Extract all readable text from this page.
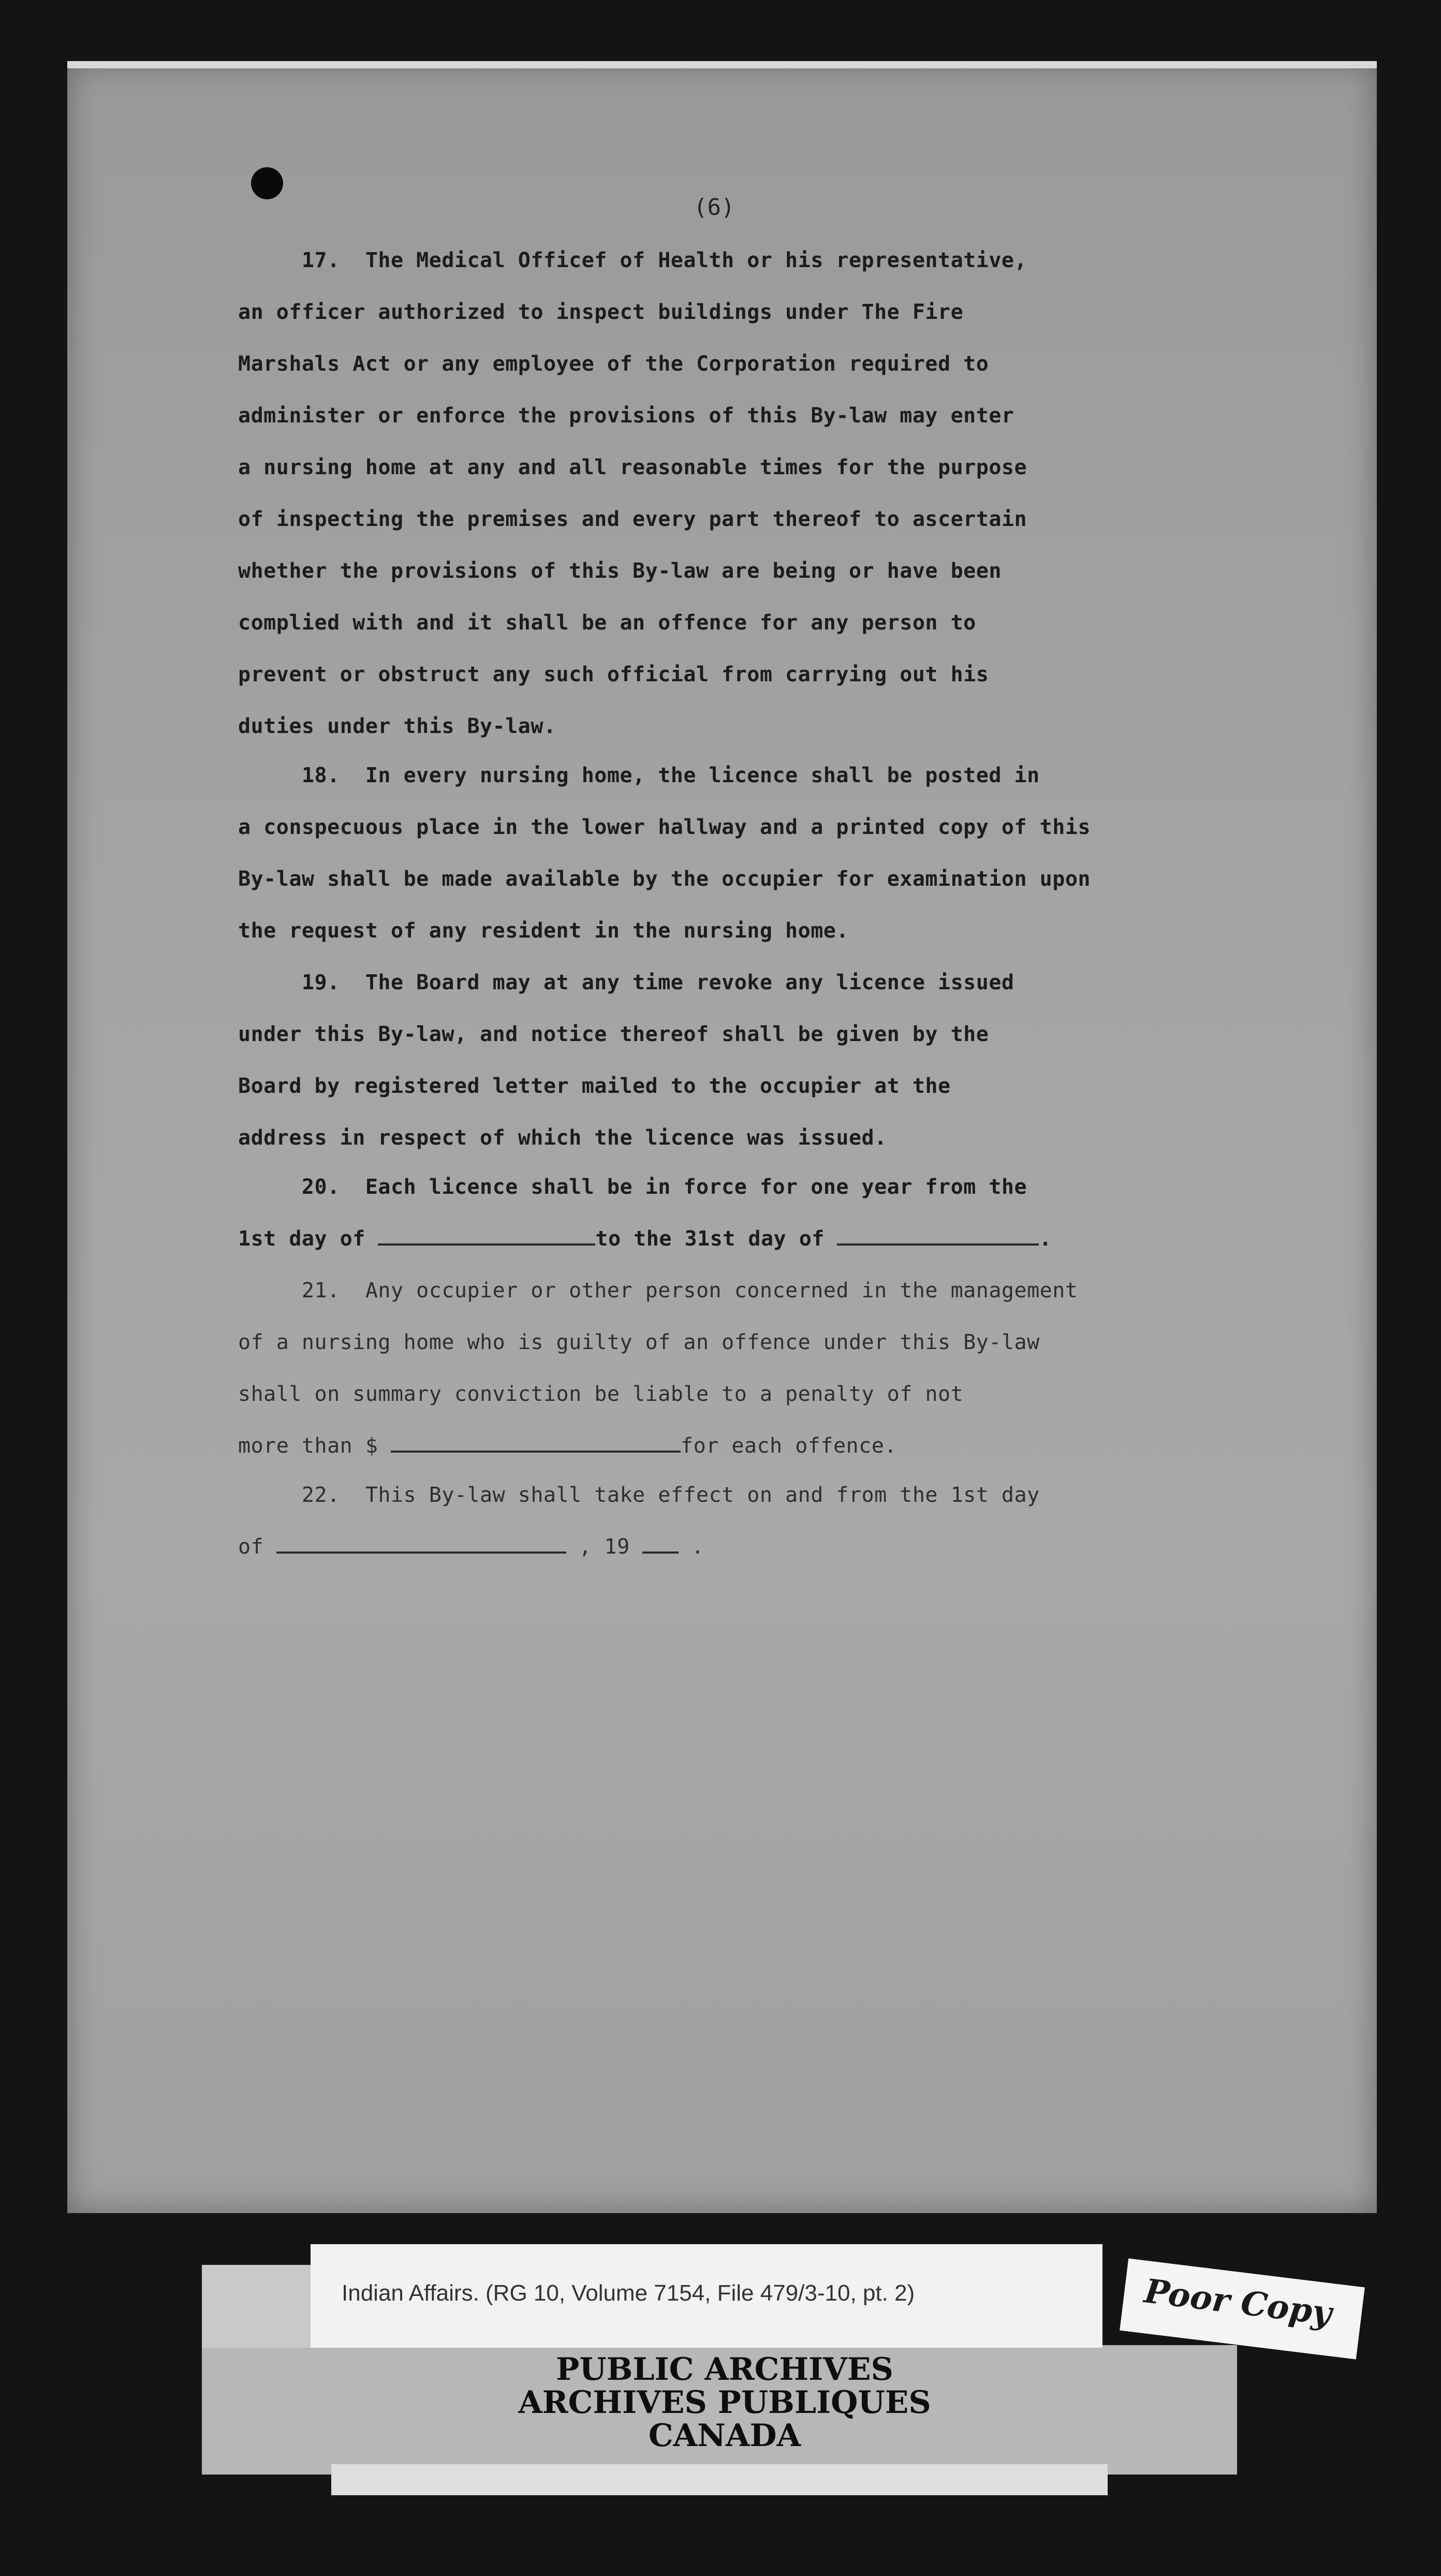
(6)
17.  The Medical Officef of Health or his representative,
an officer authorized to inspect buildings under The Fire
Marshals Act or any employee of the Corporation required to
administer or enforce the provisions of this By-law may enter
a nursing home at any and all reasonable times for the purpose
of inspecting the premises and every part thereof to ascertain
whether the provisions of this By-law are being or have been
complied with and it shall be an offence for any person to
prevent or obstruct any such official from carrying out his
duties under this By-law.
18.  In every nursing home, the licence shall be posted in
a conspecuous place in the lower hallway and a printed copy of this
By-law shall be made available by the occupier for examination upon
the request of any resident in the nursing home.
19.  The Board may at any time revoke any licence issued
under this By-law, and notice thereof shall be given by the
Board by registered letter mailed to the occupier at the
address in respect of which the licence was issued.
20.  Each licence shall be in force for one year from the
1st day of	to the 31st day of	.
21.  Any occupier or other person concerned in the management
of a nursing home who is guilty of an offence under this By-law
shall on summary conviction be liable to a penalty of not
more than $	for each offence.
22.  This By-law shall take effect on and from the 1st day
of	, 19  .
Indian Affairs. (RG 10, Volume 7154, File 479/3-10, pt. 2)
PUBLIC ARCHIVES
ARCHIVES PUBLIQUES
CANADA
Poor Copy
